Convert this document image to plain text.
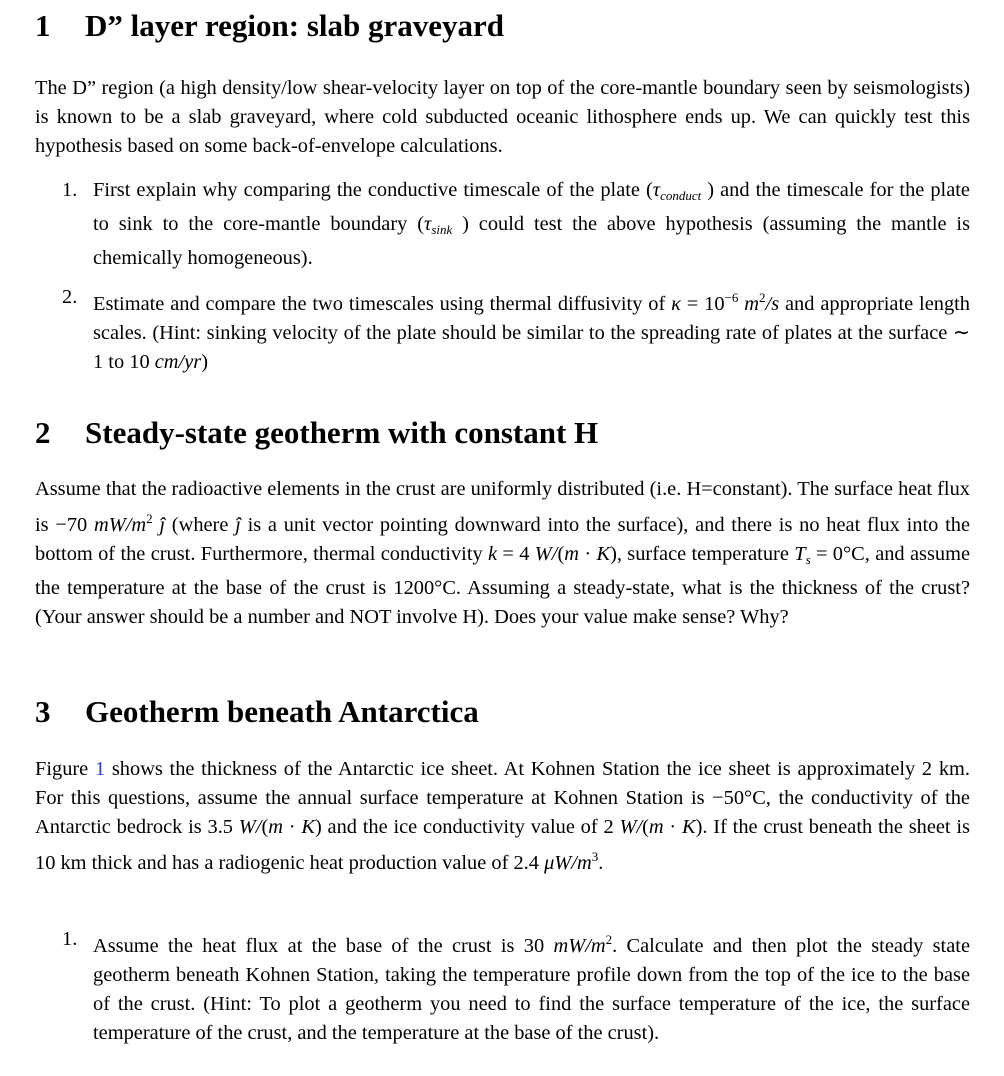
1 D” layer region: slab graveyard

The D” region (a high density/low shear-velocity layer on top of the core-mantle boundary seen by seismologists) is known to be a slab graveyard, where cold subducted oceanic lithosphere ends up. We can quickly test this hypothesis based on some back-of-envelope calculations.

1. First explain why comparing the conductive timescale of the plate ($\tau_{conduct}$ ) and the timescale for the plate to sink to the core-mantle boundary ($\tau_{sink}$ ) could test the above hypothesis (assuming the mantle is chemically homogeneous).

2. Estimate and compare the two timescales using thermal diffusivity of $\kappa = 10^{-6}$ $m^2/s$ and appropriate length scales. (Hint: sinking velocity of the plate should be similar to the spreading rate of plates at the surface ∼ 1 to 10 cm/yr)

2 Steady-state geotherm with constant H

Assume that the radioactive elements in the crust are uniformly distributed (i.e. H=constant). The surface heat flux is −70 $mW/m^2$ ĵ (where ĵ is a unit vector pointing downward into the surface), and there is no heat flux into the bottom of the crust. Furthermore, thermal conductivity k = 4 W/(m · K), surface temperature $T_s = 0^\circ C$, and assume the temperature at the base of the crust is 1200°C. Assuming a steady-state, what is the thickness of the crust? (Your answer should be a number and NOT involve H). Does your value make sense? Why?

3 Geotherm beneath Antarctica

Figure 1 shows the thickness of the Antarctic ice sheet. At Kohnen Station the ice sheet is approximately 2 km. For this questions, assume the annual surface temperature at Kohnen Station is −50°C, the conductivity of the Antarctic bedrock is 3.5 W/(m · K) and the ice conductivity value of 2 W/(m · K). If the crust beneath the sheet is 10 km thick and has a radiogenic heat production value of 2.4 $\mu W/m^3$.

1. Assume the heat flux at the base of the crust is 30 $mW/m^2$. Calculate and then plot the steady state geotherm beneath Kohnen Station, taking the temperature profile down from the top of the ice to the base of the crust. (Hint: To plot a geotherm you need to find the surface temperature of the ice, the surface temperature of the crust, and the temperature at the base of the crust).
